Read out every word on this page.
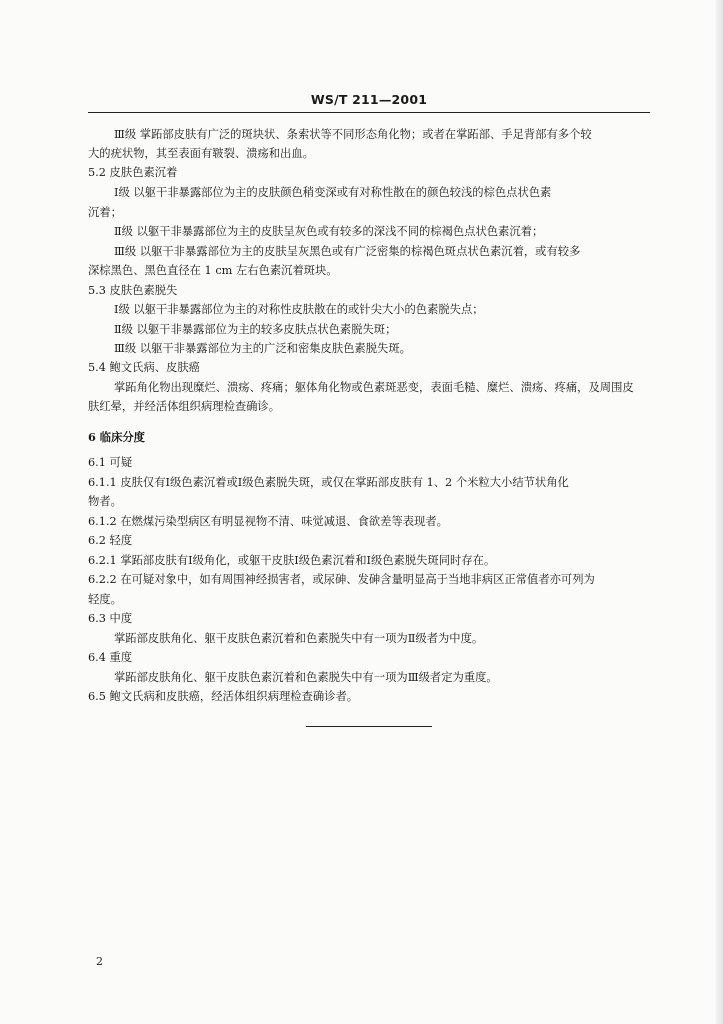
WS/T 211—2001
Ⅲ级 掌跖部皮肤有广泛的斑块状、条索状等不同形态角化物；或者在掌跖部、手足背部有多个较
大的疣状物，其至表面有皲裂、溃疡和出血。
5.2 皮肤色素沉着
Ⅰ级 以躯干非暴露部位为主的皮肤颜色稍变深或有对称性散在的颜色较浅的棕色点状色素
沉着；
Ⅱ级 以躯干非暴露部位为主的皮肤呈灰色或有较多的深浅不同的棕褐色点状色素沉着；
Ⅲ级 以躯干非暴露部位为主的皮肤呈灰黑色或有广泛密集的棕褐色斑点状色素沉着，或有较多
深棕黑色、黑色直径在 1 cm 左右色素沉着斑块。
5.3 皮肤色素脱失
Ⅰ级 以躯干非暴露部位为主的对称性皮肤散在的或针尖大小的色素脱失点；
Ⅱ级 以躯干非暴露部位为主的较多皮肤点状色素脱失斑；
Ⅲ级 以躯干非暴露部位为主的广泛和密集皮肤色素脱失斑。
5.4 鲍文氏病、皮肤癌
掌跖角化物出现糜烂、溃疡、疼痛；躯体角化物或色素斑恶变，表面毛糙、糜烂、溃疡、疼痛，及周围皮
肤红晕，并经活体组织病理检查确诊。
6 临床分度
6.1 可疑
6.1.1 皮肤仅有Ⅰ级色素沉着或Ⅰ级色素脱失斑，或仅在掌跖部皮肤有 1、2 个米粒大小结节状角化
物者。
6.1.2 在燃煤污染型病区有明显视物不清、味觉减退、食欲差等表现者。
6.2 轻度
6.2.1 掌跖部皮肤有Ⅰ级角化，或躯干皮肤Ⅰ级色素沉着和Ⅰ级色素脱失斑同时存在。
6.2.2 在可疑对象中，如有周围神经损害者，或尿砷、发砷含量明显高于当地非病区正常值者亦可列为
轻度。
6.3 中度
掌跖部皮肤角化、躯干皮肤色素沉着和色素脱失中有一项为Ⅱ级者为中度。
6.4 重度
掌跖部皮肤角化、躯干皮肤色素沉着和色素脱失中有一项为Ⅲ级者定为重度。
6.5 鲍文氏病和皮肤癌，经活体组织病理检查确诊者。
2
